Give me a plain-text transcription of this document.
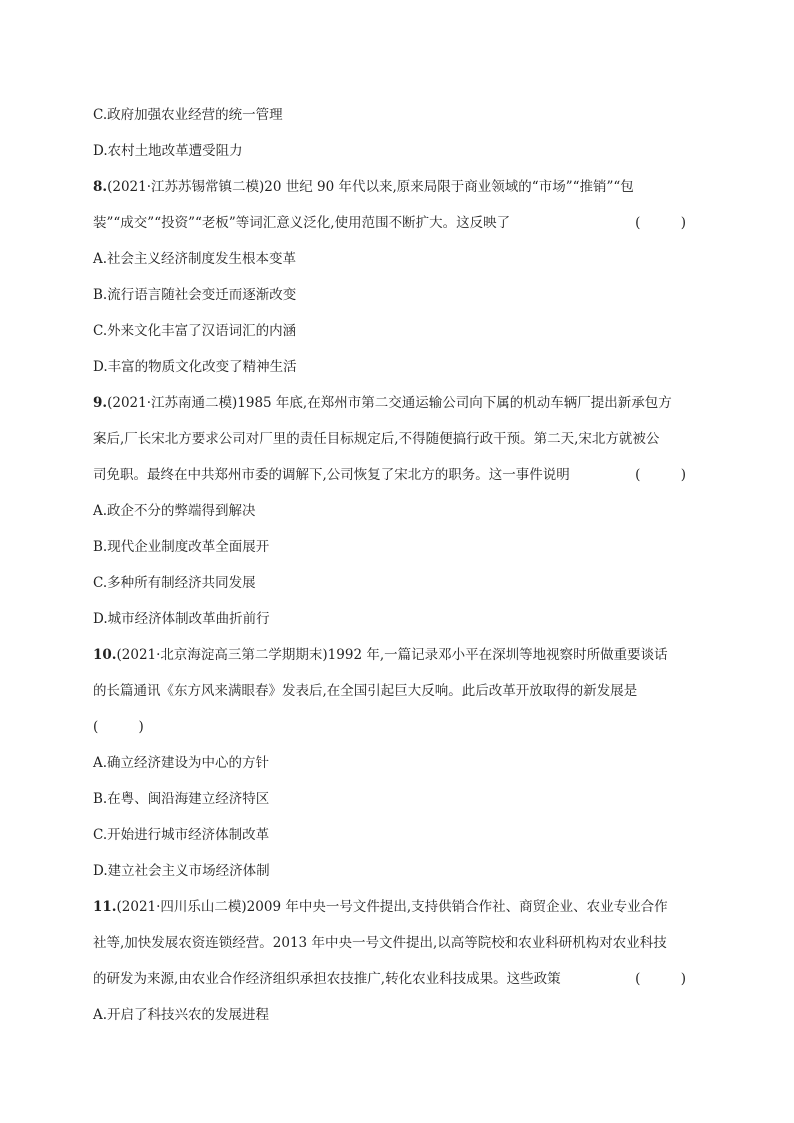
C.政府加强农业经营的统一管理
D.农村土地改革遭受阻力
8.(2021·江苏苏锡常镇二模)20 世纪 90 年代以来,原来局限于商业领域的“市场”“推销”“包
装”“成交”“投资”“老板”等词汇意义泛化,使用范围不断扩大。这反映了	( )
A.社会主义经济制度发生根本变革
B.流行语言随社会变迁而逐渐改变
C.外来文化丰富了汉语词汇的内涵
D.丰富的物质文化改变了精神生活
9.(2021·江苏南通二模)1985 年底,在郑州市第二交通运输公司向下属的机动车辆厂提出新承包方
案后,厂长宋北方要求公司对厂里的责任目标规定后,不得随便搞行政干预。第二天,宋北方就被公
司免职。最终在中共郑州市委的调解下,公司恢复了宋北方的职务。这一事件说明	( )
A.政企不分的弊端得到解决
B.现代企业制度改革全面展开
C.多种所有制经济共同发展
D.城市经济体制改革曲折前行
10.(2021·北京海淀高三第二学期期末)1992 年,一篇记录邓小平在深圳等地视察时所做重要谈话
的长篇通讯《东方风来满眼春》发表后,在全国引起巨大反响。此后改革开放取得的新发展是
( )
A.确立经济建设为中心的方针
B.在粤、闽沿海建立经济特区
C.开始进行城市经济体制改革
D.建立社会主义市场经济体制
11.(2021·四川乐山二模)2009 年中央一号文件提出,支持供销合作社、商贸企业、农业专业合作
社等,加快发展农资连锁经营。2013 年中央一号文件提出,以高等院校和农业科研机构对农业科技
的研发为来源,由农业合作经济组织承担农技推广,转化农业科技成果。这些政策	( )
A.开启了科技兴农的发展进程
